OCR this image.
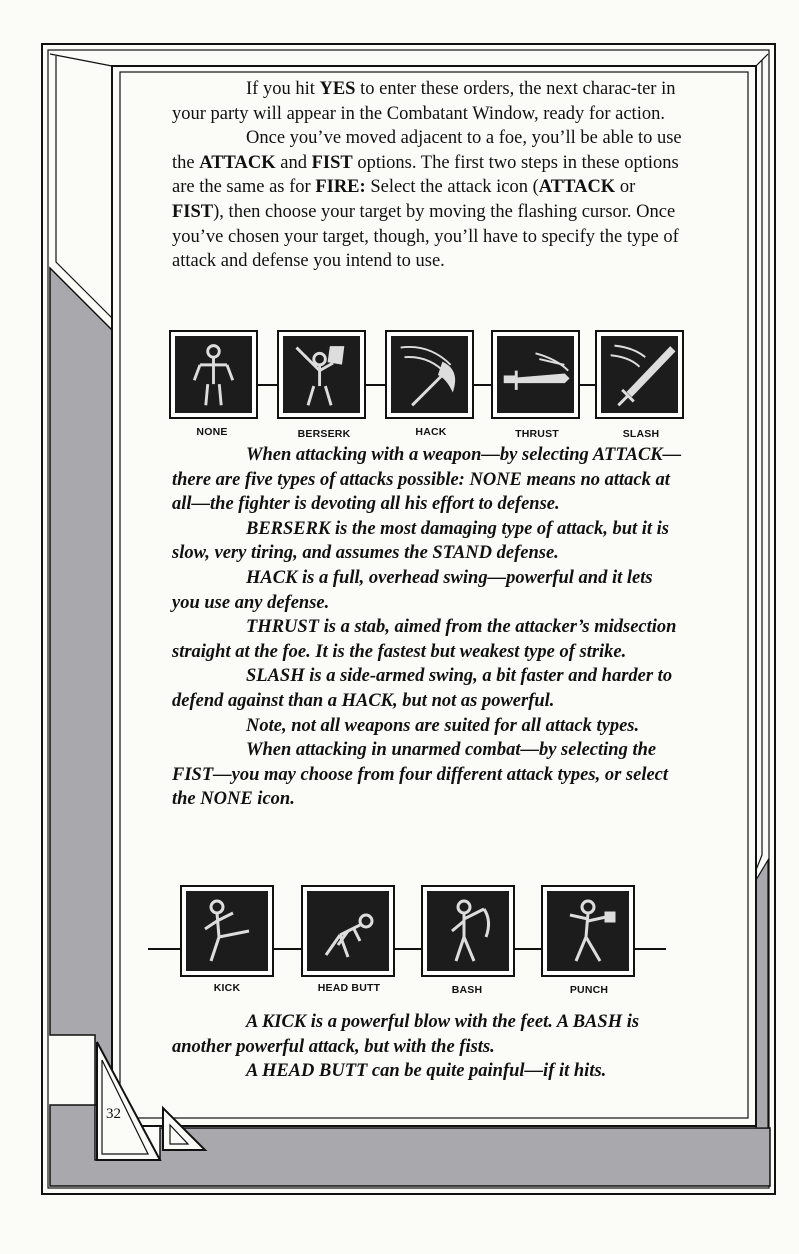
32

If you hit YES to enter these orders, the next charac-ter in your party will appear in the Combatant Window, ready for action.

Once you’ve moved adjacent to a foe, you’ll be able to use the ATTACK and FIST options. The first two steps in these options are the same as for FIRE: Select the attack icon (ATTACK or FIST), then choose your target by moving the flashing cursor. Once you’ve chosen your target, though, you’ll have to specify the type of attack and defense you intend to use.

NONE	BERSERK	HACK	THRUST	SLASH

When attacking with a weapon—by selecting ATTACK—there are five types of attacks possible: NONE means no attack at all—the fighter is devoting all his effort to defense.

BERSERK is the most damaging type of attack, but it is slow, very tiring, and assumes the STAND defense.

HACK is a full, overhead swing—powerful and it lets you use any defense.

THRUST is a stab, aimed from the attacker’s midsection straight at the foe. It is the fastest but weakest type of strike.

SLASH is a side-armed swing, a bit faster and harder to defend against than a HACK, but not as powerful.

Note, not all weapons are suited for all attack types.

When attacking in unarmed combat—by selecting the FIST—you may choose from four different attack types, or select the NONE icon.

KICK	HEAD BUTT	BASH	PUNCH

A KICK is a powerful blow with the feet. A BASH is another powerful attack, but with the fists.

A HEAD BUTT can be quite painful—if it hits.
